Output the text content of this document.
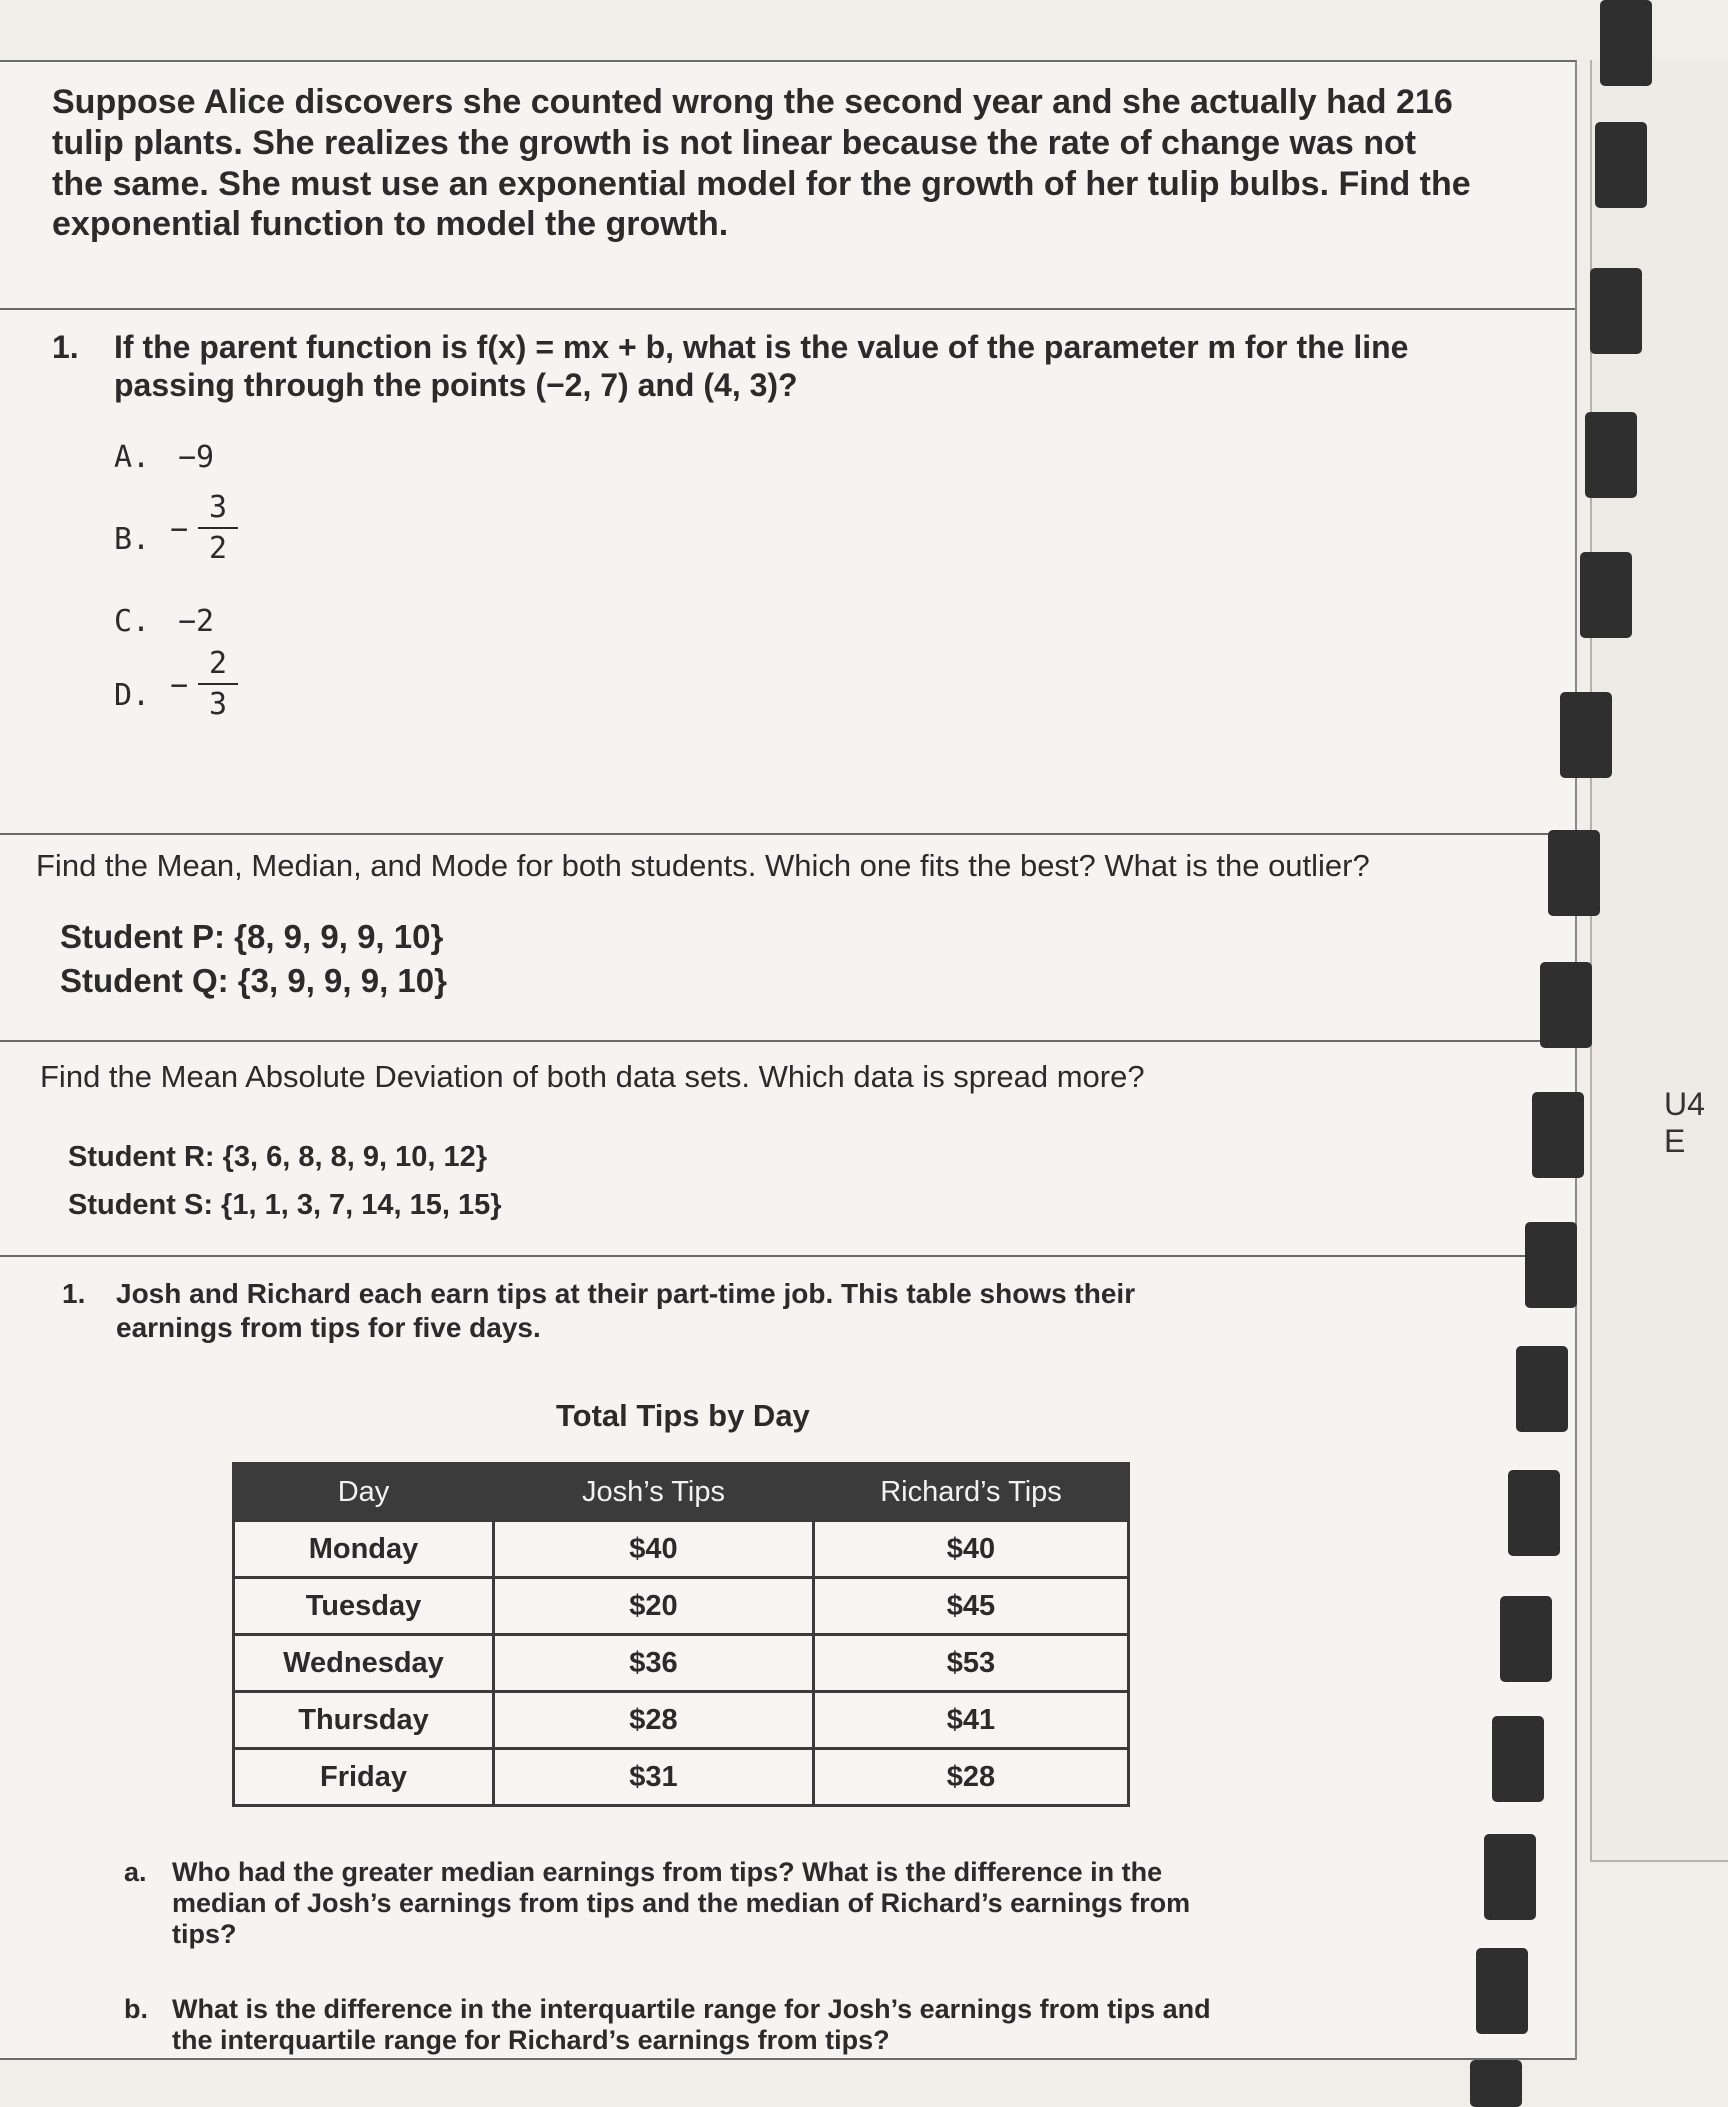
Suppose Alice discovers she counted wrong the second year and she actually had 216 tulip plants. She realizes the growth is not linear because the rate of change was not the same. She must use an exponential model for the growth of her tulip bulbs. Find the exponential function to model the growth.
1. If the parent function is f(x) = mx + b, what is the value of the parameter m for the line passing through the points (−2, 7) and (4, 3)?
A. −9
B. −
3
2
C. −2
D. −
2
3
Find the Mean, Median, and Mode for both students. Which one fits the best? What is the outlier?
Student P: {8, 9, 9, 9, 10}
Student Q: {3, 9, 9, 9, 10}
Find the Mean Absolute Deviation of both data sets. Which data is spread more?
Student R: {3, 6, 8, 8, 9, 10, 12}
Student S: {1, 1, 3, 7, 14, 15, 15}
1. Josh and Richard each earn tips at their part-time job. This table shows their earnings from tips for five days.
Total Tips by Day
Day	Josh’s Tips	Richard’s Tips
Monday	$40	$40
Tuesday	$20	$45
Wednesday	$36	$53
Thursday	$28	$41
Friday	$31	$28
a. Who had the greater median earnings from tips? What is the difference in the median of Josh’s earnings from tips and the median of Richard’s earnings from tips?
b. What is the difference in the interquartile range for Josh’s earnings from tips and the interquartile range for Richard’s earnings from tips?
U4 E
